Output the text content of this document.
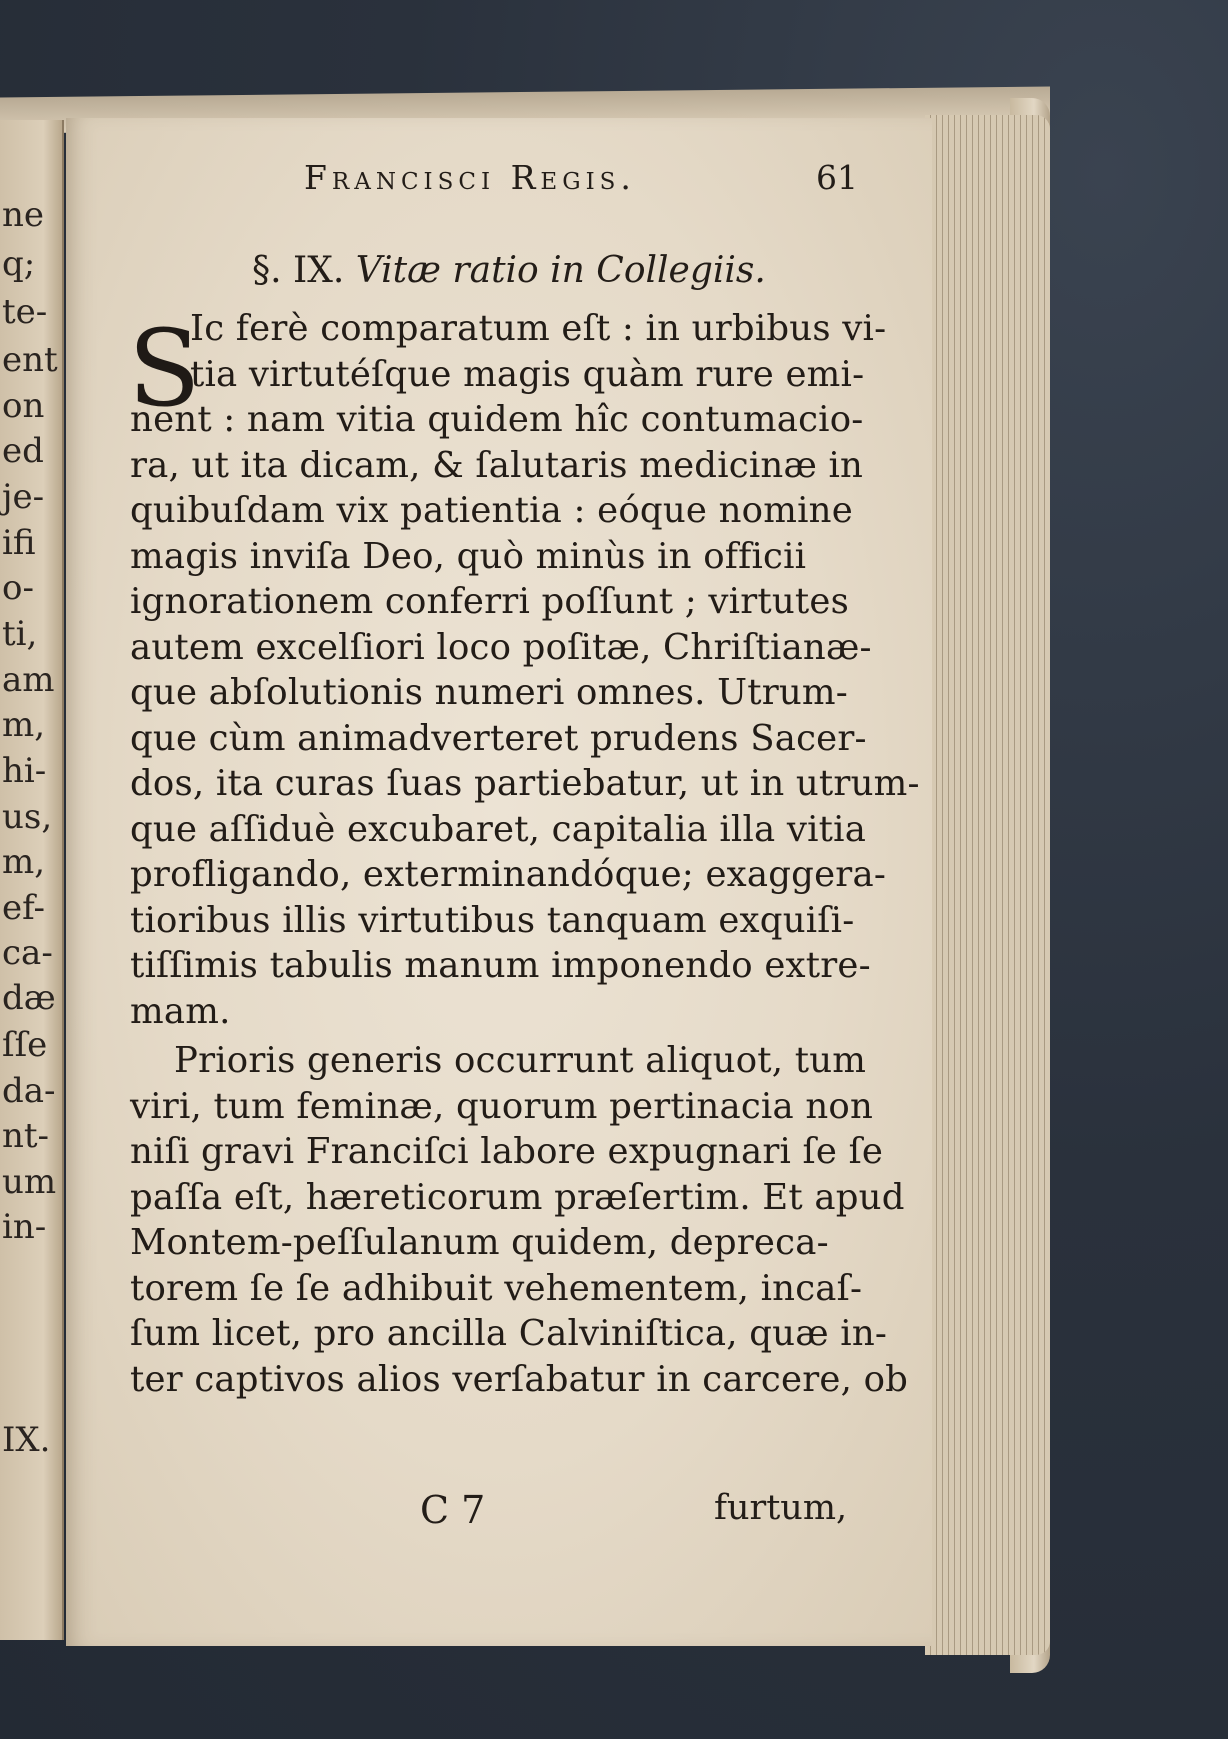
ne
q;
te-
ent
on
ed
je-
ifi
o-
ti,
am
m,
hi-
us,
m,
ef-
ca-
dæ
ſſe
da-
nt-
um
in-
IX.
Francisci Regis.	61
§. IX. Vitæ ratio in Collegiis.
S
Ic ferè comparatum eſt : in urbibus vi-
tia virtutéſque magis quàm rure emi-
nent : nam vitia quidem hîc contumacio-
ra, ut ita dicam, & ſalutaris medicinæ in
quibuſdam vix patientia : eóque nomine
magis inviſa Deo, quò minùs in officii
ignorationem conferri poſſunt ; virtutes
autem excelſiori loco poſitæ, Chriſtianæ-
que abſolutionis numeri omnes. Utrum-
que cùm animadverteret prudens Sacer-
dos, ita curas ſuas partiebatur, ut in utrum-
que aſſiduè excubaret, capitalia illa vitia
profligando, exterminandóque; exaggera-
tioribus illis virtutibus tanquam exquiſi-
tiſſimis tabulis manum imponendo extre-
mam.
Prioris generis occurrunt aliquot, tum
viri, tum feminæ, quorum pertinacia non
niſi gravi Franciſci labore expugnari ſe ſe
paſſa eſt, hæreticorum præſertim. Et apud
Montem-peſſulanum quidem, depreca-
torem ſe ſe adhibuit vehementem, incaſ-
ſum licet, pro ancilla Calviniſtica, quæ in-
ter captivos alios verſabatur in carcere, ob
C 7	furtum,
